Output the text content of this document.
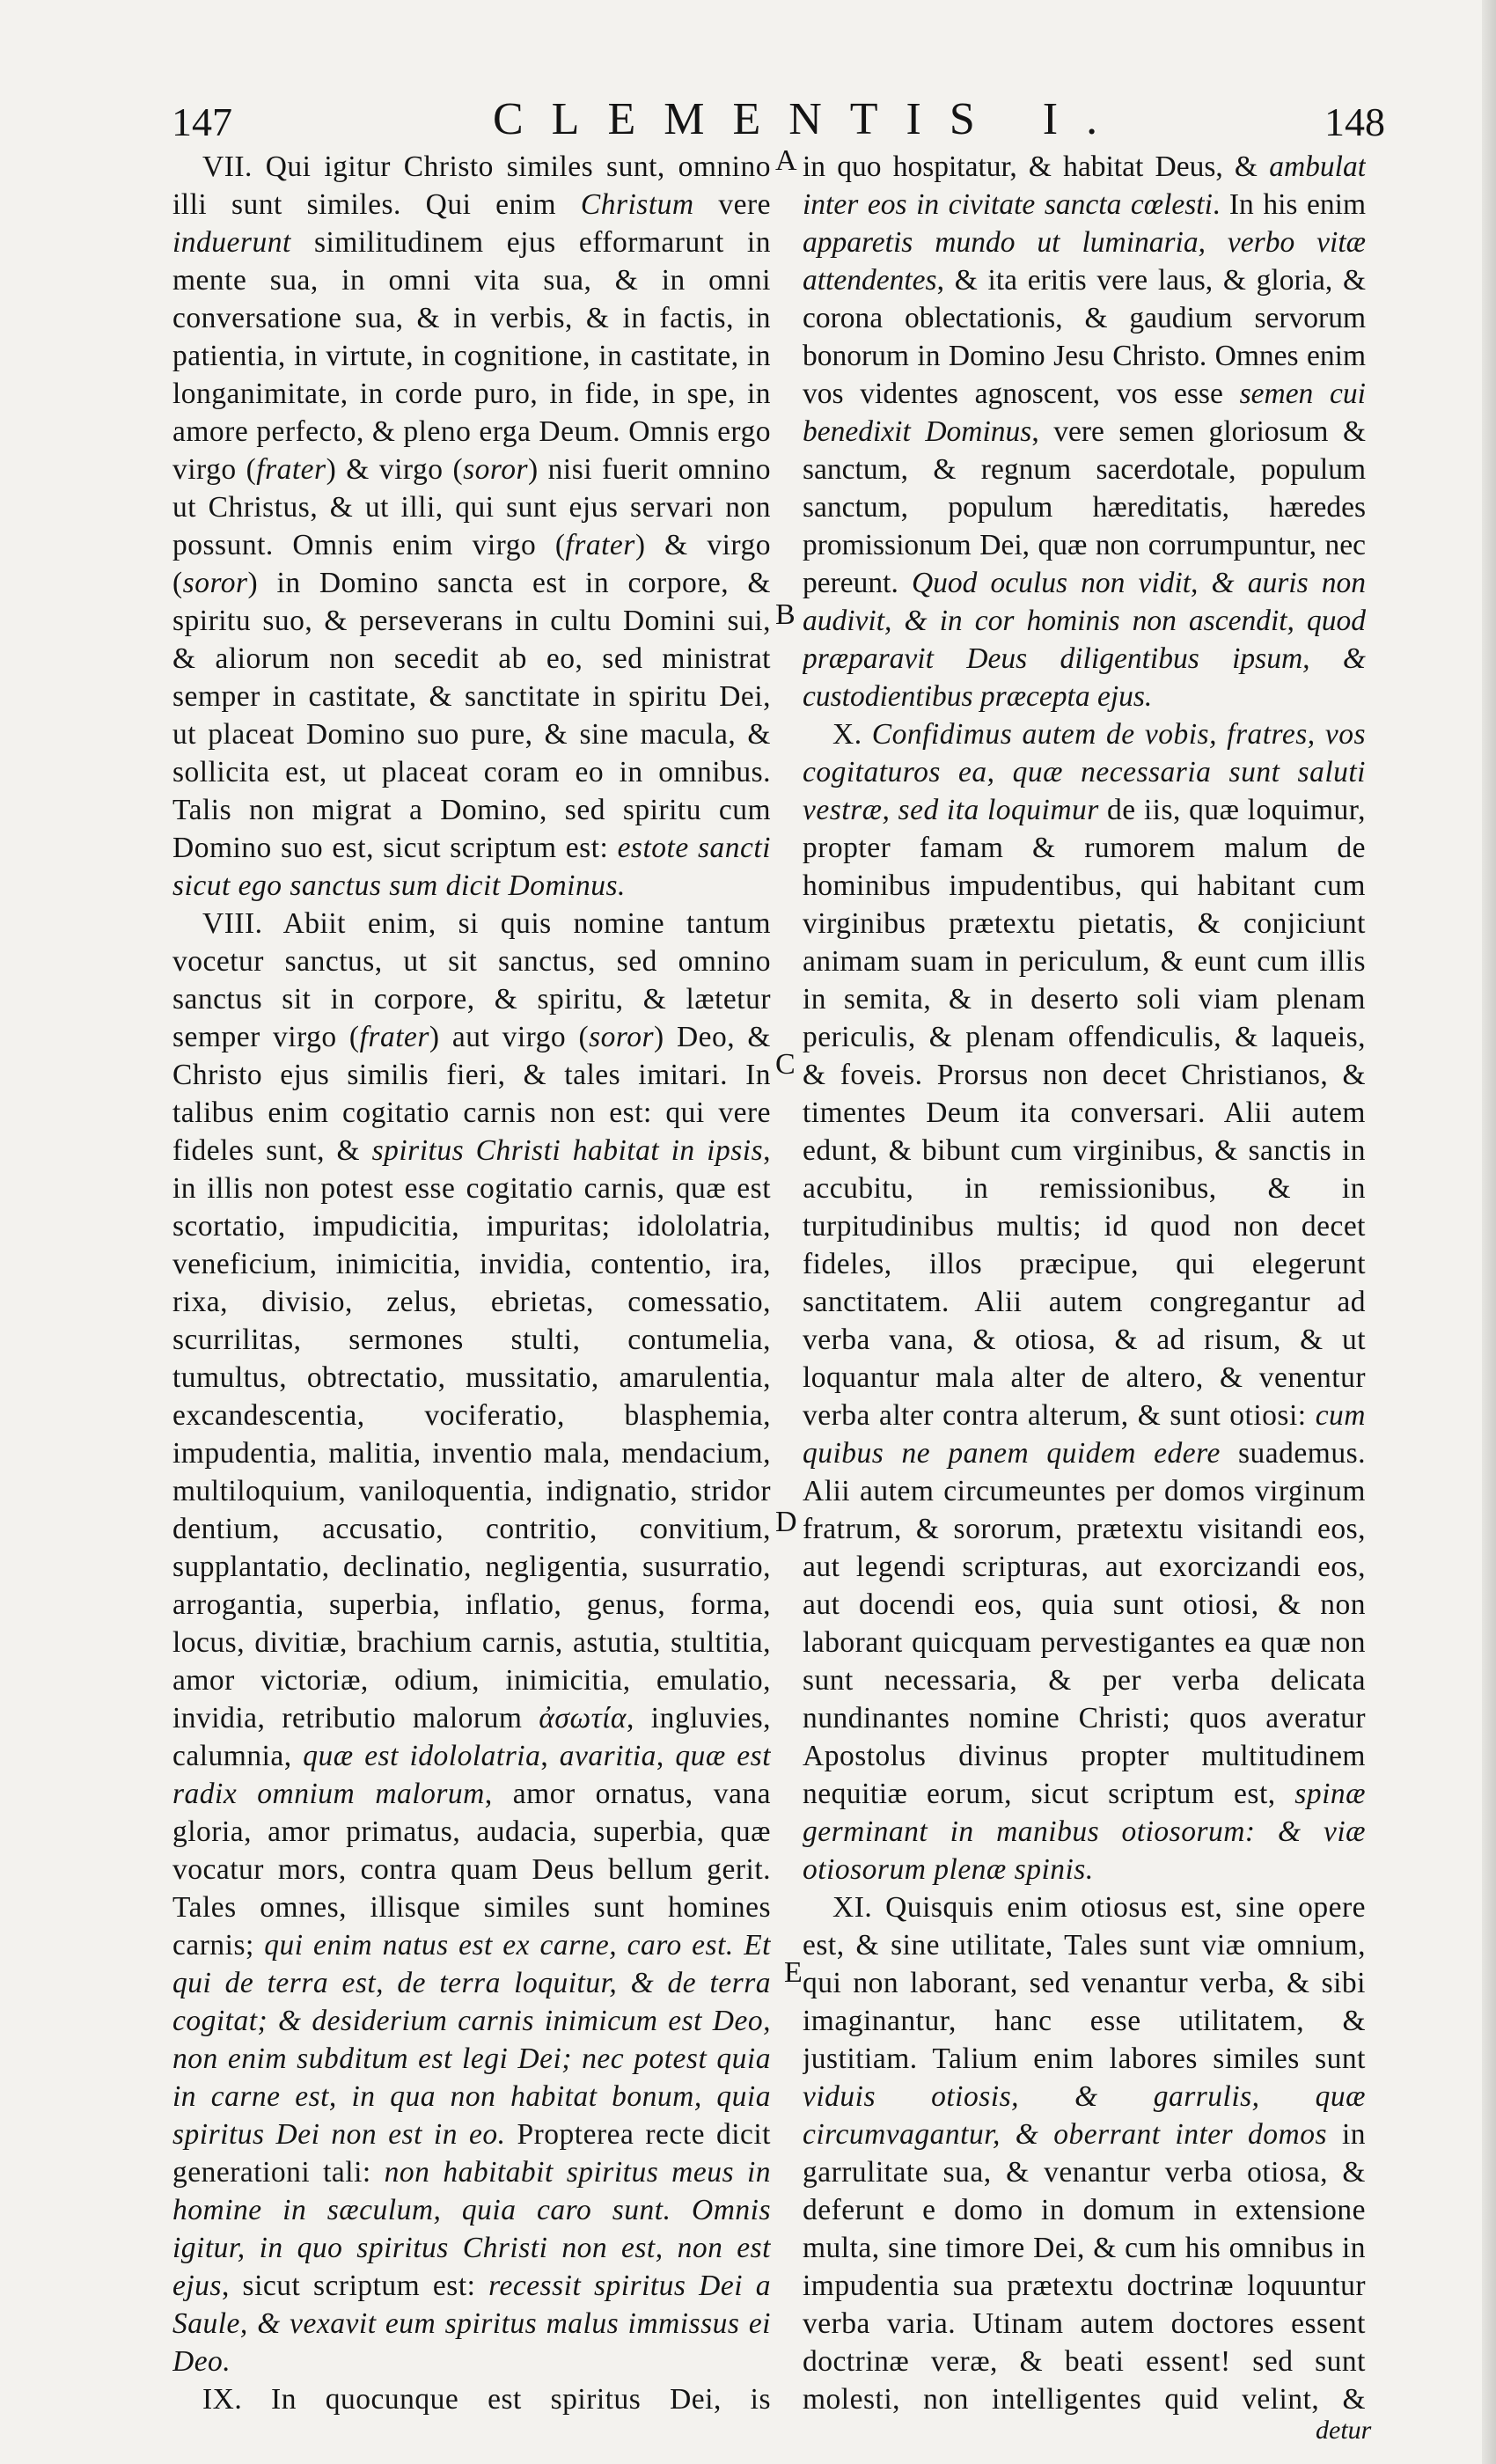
147	CLEMENTIS I.	148

VII. Qui igitur Christo similes sunt, omnino illi sunt similes. Qui enim Christum vere induerunt similitudinem ejus efformarunt in mente sua, in omni vita sua, & in omni conversatione sua, & in verbis, & in factis, in patientia, in virtute, in cognitione, in castitate, in longanimitate, in corde puro, in fide, in spe, in amore perfecto, & pleno erga Deum. Omnis ergo virgo (frater) & virgo (soror) nisi fuerit omnino ut Christus, & ut illi, qui sunt ejus servari non possunt. Omnis enim virgo (frater) & virgo (soror) in Domino sancta est in corpore, & spiritu suo, & perseverans in cultu Domini sui, & aliorum non secedit ab eo, sed ministrat semper in castitate, & sanctitate in spiritu Dei, ut placeat Domino suo pure, & sine macula, & sollicita est, ut placeat coram eo in omnibus. Talis non migrat a Domino, sed spiritu cum Domino suo est, sicut scriptum est: estote sancti sicut ego sanctus sum dicit Dominus.

VIII. Abiit enim, si quis nomine tantum vocetur sanctus, ut sit sanctus, sed omnino sanctus sit in corpore, & spiritu, & lætetur semper virgo (frater) aut virgo (soror) Deo, & Christo ejus similis fieri, & tales imitari. In talibus enim cogitatio carnis non est: qui vere fideles sunt, & spiritus Christi habitat in ipsis, in illis non potest esse cogitatio carnis, quæ est scortatio, impudicitia, impuritas; idololatria, veneficium, inimicitia, invidia, contentio, ira, rixa, divisio, zelus, ebrietas, comessatio, scurrilitas, sermones stulti, contumelia, tumultus, obtrectatio, mussitatio, amarulentia, excandescentia, vociferatio, blasphemia, impudentia, malitia, inventio mala, mendacium, multiloquium, vaniloquentia, indignatio, stridor dentium, accusatio, contritio, convitium, supplantatio, declinatio, negligentia, susurratio, arrogantia, superbia, inflatio, genus, forma, locus, divitiæ, brachium carnis, astutia, stultitia, amor victoriæ, odium, inimicitia, emulatio, invidia, retributio malorum ἀσωτία, ingluvies, calumnia, quæ est idololatria, avaritia, quæ est radix omnium malorum, amor ornatus, vana gloria, amor primatus, audacia, superbia, quæ vocatur mors, contra quam Deus bellum gerit. Tales omnes, illisque similes sunt homines carnis; qui enim natus est ex carne, caro est. Et qui de terra est, de terra loquitur, & de terra cogitat; & desiderium carnis inimicum est Deo, non enim subditum est legi Dei; nec potest quia in carne est, in qua non habitat bonum, quia spiritus Dei non est in eo. Propterea recte dicit generationi tali: non habitabit spiritus meus in homine in sæculum, quia caro sunt. Omnis igitur, in quo spiritus Christi non est, non est ejus, sicut scriptum est: recessit spiritus Dei a Saule, & vexavit eum spiritus malus immissus ei Deo.

IX. In quocunque est spiritus Dei, is

in quo hospitatur, & habitat Deus, & ambulat inter eos in civitate sancta cœlesti. In his enim apparetis mundo ut luminaria, verbo vitæ attendentes, & ita eritis vere laus, & gloria, & corona oblectationis, & gaudium servorum bonorum in Domino Jesu Christo. Omnes enim vos videntes agnoscent, vos esse semen cui benedixit Dominus, vere semen gloriosum & sanctum, & regnum sacerdotale, populum sanctum, populum hæreditatis, hæredes promissionum Dei, quæ non corrumpuntur, nec pereunt. Quod oculus non vidit, & auris non audivit, & in cor hominis non ascendit, quod præparavit Deus diligentibus ipsum, & custodientibus præcepta ejus.

X. Confidimus autem de vobis, fratres, vos cogitaturos ea, quæ necessaria sunt saluti vestræ, sed ita loquimur de iis, quæ loquimur, propter famam & rumorem malum de hominibus impudentibus, qui habitant cum virginibus prætextu pietatis, & conjiciunt animam suam in periculum, & eunt cum illis in semita, & in deserto soli viam plenam periculis, & plenam offendiculis, & laqueis, & foveis. Prorsus non decet Christianos, & timentes Deum ita conversari. Alii autem edunt, & bibunt cum virginibus, & sanctis in accubitu, in remissionibus, & in turpitudinibus multis; id quod non decet fideles, illos præcipue, qui elegerunt sanctitatem. Alii autem congregantur ad verba vana, & otiosa, & ad risum, & ut loquantur mala alter de altero, & venentur verba alter contra alterum, & sunt otiosi: cum quibus ne panem quidem edere suademus. Alii autem circumeuntes per domos virginum fratrum, & sororum, prætextu visitandi eos, aut legendi scripturas, aut exorcizandi eos, aut docendi eos, quia sunt otiosi, & non laborant quicquam pervestigantes ea quæ non sunt necessaria, & per verba delicata nundinantes nomine Christi; quos averatur Apostolus divinus propter multitudinem nequitiæ eorum, sicut scriptum est, spinæ germinant in manibus otiosorum: & viæ otiosorum plenæ spinis.

XI. Quisquis enim otiosus est, sine opere est, & sine utilitate, Tales sunt viæ omnium, qui non laborant, sed venantur verba, & sibi imaginantur, hanc esse utilitatem, & justitiam. Talium enim labores similes sunt viduis otiosis, & garrulis, quæ circumvagantur, & oberrant inter domos in garrulitate sua, & venantur verba otiosa, & deferunt e domo in domum in extensione multa, sine timore Dei, & cum his omnibus in impudentia sua prætextu doctrinæ loquuntur verba varia. Utinam autem doctores essent doctrinæ veræ, & beati essent! sed sunt molesti, non intelligentes quid velint, &

A
B
C
D
E
detur
